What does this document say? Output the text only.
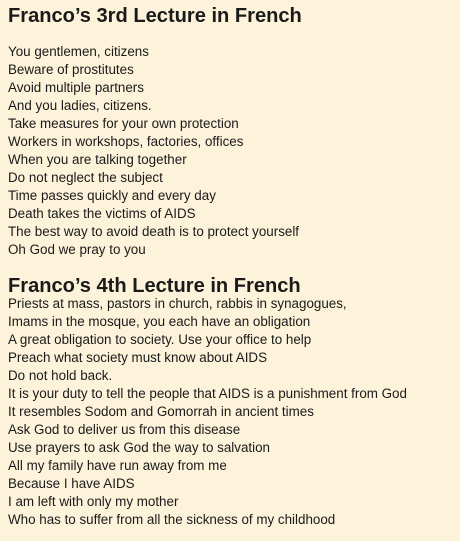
Franco’s 3rd Lecture in French
You gentlemen, citizens
Beware of prostitutes
Avoid multiple partners
And you ladies, citizens.
Take measures for your own protection
Workers in workshops, factories, offices
When you are talking together
Do not neglect the subject
Time passes quickly and every day
Death takes the victims of AIDS
The best way to avoid death is to protect yourself
Oh God we pray to you
Franco’s 4th Lecture in French
Priests at mass, pastors in church, rabbis in synagogues,
Imams in the mosque, you each have an obligation
A great obligation to society. Use your office to help
Preach what society must know about AIDS
Do not hold back.
It is your duty to tell the people that AIDS is a punishment from God
It resembles Sodom and Gomorrah in ancient times
Ask God to deliver us from this disease
Use prayers to ask God the way to salvation
All my family have run away from me
Because I have AIDS
I am left with only my mother
Who has to suffer from all the sickness of my childhood
